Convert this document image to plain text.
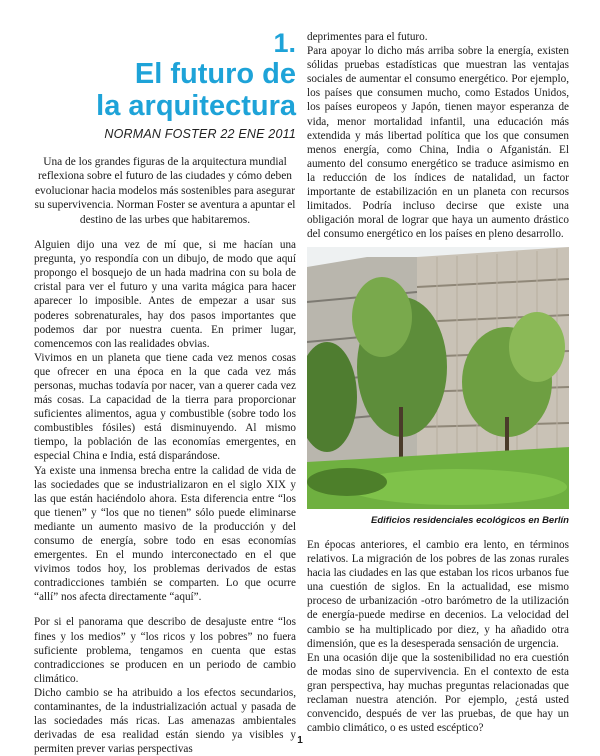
1.
El futuro de
la arquitectura
NORMAN FOSTER 22 ENE 2011
Una de los grandes figuras de la arquitectura mundial reflexiona sobre el futuro de las ciudades y cómo deben evolucionar hacia modelos más sostenibles para asegurar su supervivencia. Norman Foster se aventura a apuntar el destino de las urbes que habitaremos.

Alguien dijo una vez de mí que, si me hacían una pregunta, yo respondía con un dibujo, de modo que aquí propongo el bosquejo de un hada madrina con su bola de cristal para ver el futuro y una varita mágica para hacer aparecer lo imposible. Antes de empezar a usar sus poderes sobrenaturales, hay dos pasos importantes que podemos dar por nuestra cuenta. En primer lugar, comencemos con las realidades obvias.

Vivimos en un planeta que tiene cada vez menos cosas que ofrecer en una época en la que cada vez más personas, muchas todavía por nacer, van a querer cada vez más cosas. La capacidad de la tierra para proporcionar suficientes alimentos, agua y combustible (sobre todo los combustibles fósiles) está disminuyendo. Al mismo tiempo, la población de las economías emergentes, en especial China e India, está disparándose.

Ya existe una inmensa brecha entre la calidad de vida de las sociedades que se industrializaron en el siglo XIX y las que están haciéndolo ahora. Esta diferencia entre “los que tienen” y “los que no tienen” sólo puede eliminarse mediante un aumento masivo de la producción y del consumo de energía, sobre todo en esas economías emergentes. En el mundo interconectado en el que vivimos todos hoy, los problemas derivados de estas contradicciones también se comparten. Lo que ocurre “allí” nos afecta directamente “aquí”.

Por si el panorama que describo de desajuste entre “los fines y los medios” y “los ricos y los pobres” no fuera suficiente problema, tengamos en cuenta que estas contradicciones se producen en un periodo de cambio climático.

Dicho cambio se ha atribuido a los efectos secundarios, contaminantes, de la industrialización actual y pasada de las sociedades más ricas. Las amenazas ambientales derivadas de esa realidad están siendo ya visibles y permiten prever varias perspectivas

deprimentes para el futuro.

Para apoyar lo dicho más arriba sobre la energía, existen sólidas pruebas estadísticas que muestran las ventajas sociales de aumentar el consumo energético. Por ejemplo, los países que consumen mucho, como Estados Unidos, los países europeos y Japón, tienen mayor esperanza de vida, menor mortalidad infantil, una educación más extendida y más libertad política que los que consumen menos energía, como China, India o Afganistán. El aumento del consumo energético se traduce asimismo en la reducción de los índices de natalidad, un factor importante de estabilización en un planeta con recursos limitados. Podría incluso decirse que existe una obligación moral de lograr que haya un aumento drástico del consumo energético en los países en pleno desarrollo.

Edificios residenciales ecológicos en Berlín

En épocas anteriores, el cambio era lento, en términos relativos. La migración de los pobres de las zonas rurales hacia las ciudades en las que estaban los ricos urbanos fue una cuestión de siglos. En la actualidad, ese mismo proceso de urbanización -otro barómetro de la utilización de energía-puede medirse en decenios. La velocidad del cambio se ha multiplicado por diez, y ha añadido otra dimensión, que es la desesperada sensación de urgencia.

En una ocasión dije que la sostenibilidad no era cuestión de modas sino de supervivencia. En el contexto de esta gran perspectiva, hay muchas preguntas relacionadas que reclaman nuestra atención. Por ejemplo, ¿está usted convencido, después de ver las pruebas, de que hay un cambio climático, o es usted escéptico?

1
